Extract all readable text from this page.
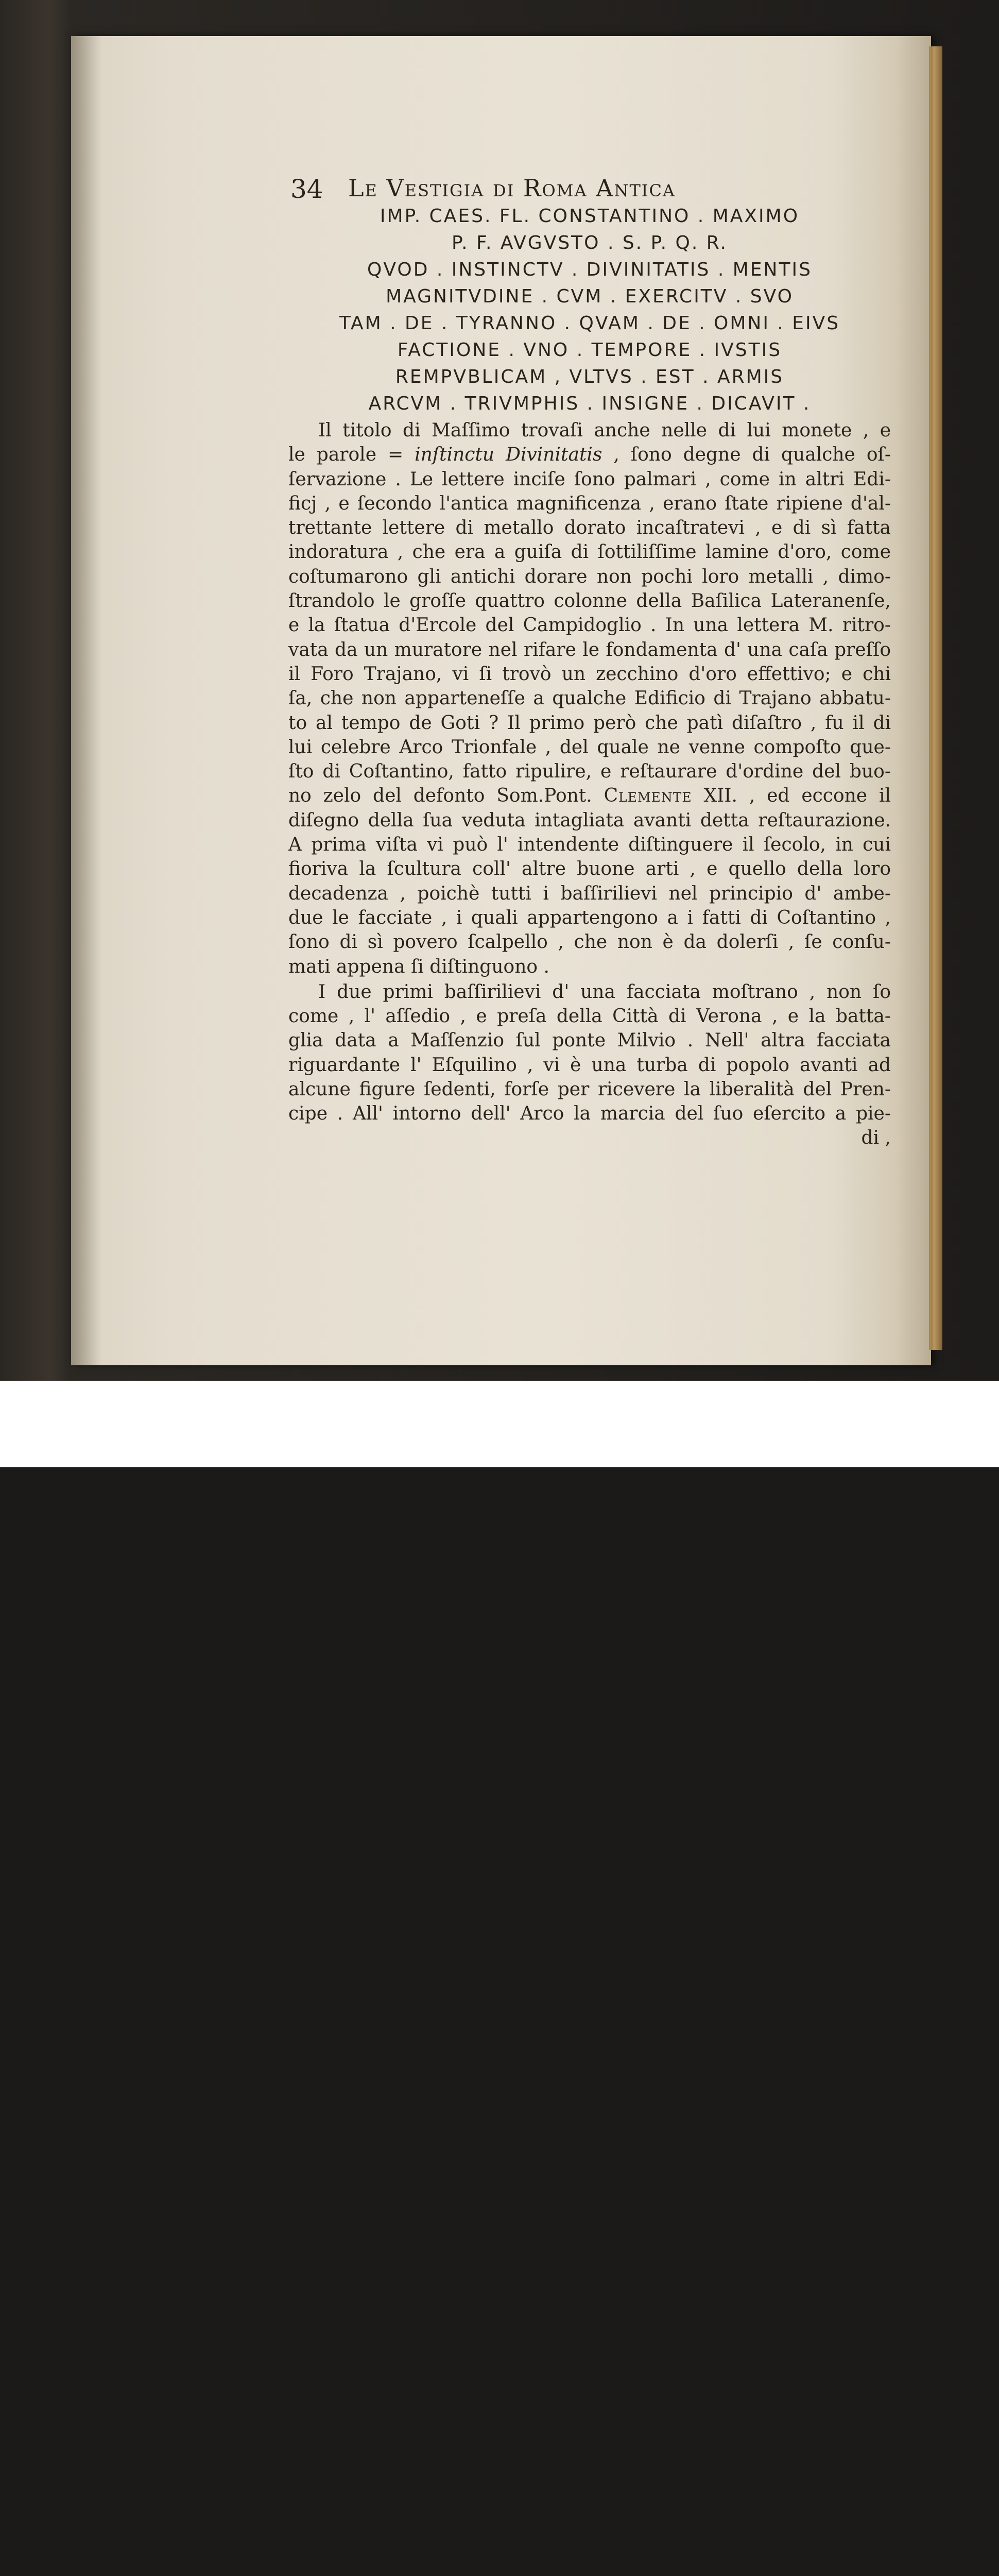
34 Le Vestigia di Roma Antica
IMP. CAES. FL. CONSTANTINO . MAXIMO
P. F. AVGVSTO . S. P. Q. R.
QVOD . INSTINCTV . DIVINITATIS . MENTIS
MAGNITVDINE . CVM . EXERCITV . SVO
TAM . DE . TYRANNO . QVAM . DE . OMNI . EIVS
FACTIONE . VNO . TEMPORE . IVSTIS
REMPVBLICAM , VLTVS . EST . ARMIS
ARCVM . TRIVMPHIS . INSIGNE . DICAVIT .
Il titolo di Maſſimo trovaſi anche nelle di lui monete , e
le parole = inſtinctu Divinitatis , ſono degne di qualche oſ-
ſervazione . Le lettere inciſe ſono palmari , come in altri Edi-
ficj , e ſecondo l'antica magnificenza , erano ſtate ripiene d'al-
trettante lettere di metallo dorato incaſtratevi , e di sì fatta
indoratura , che era a guiſa di ſottiliſſime lamine d'oro, come
coſtumarono gli antichi dorare non pochi loro metalli , dimo-
ſtrandolo le groſſe quattro colonne della Baſilica Lateranenſe,
e la ſtatua d'Ercole del Campidoglio . In una lettera M. ritro-
vata da un muratore nel rifare le fondamenta d' una caſa preſſo
il Foro Trajano, vi ſi trovò un zecchino d'oro effettivo; e chi
ſa, che non apparteneſſe a qualche Edificio di Trajano abbatu-
to al tempo de Goti ? Il primo però che patì diſaſtro , fu il di
lui celebre Arco Trionfale , del quale ne venne compoſto que-
ſto di Coſtantino, fatto ripulire, e reſtaurare d'ordine del buo-
no zelo del defonto Som.Pont. Clemente XII. , ed eccone il
diſegno della ſua veduta intagliata avanti detta reſtaurazione.
A prima viſta vi può l' intendente diſtinguere il ſecolo, in cui
fioriva la ſcultura coll' altre buone arti , e quello della loro
decadenza , poichè tutti i baſſirilievi nel principio d' ambe-
due le facciate , i quali appartengono a i fatti di Coſtantino ,
ſono di sì povero ſcalpello , che non è da dolerſi , ſe conſu-
mati appena ſi diſtinguono .
I due primi baſſirilievi d' una facciata moſtrano , non ſo
come , l' aſſedio , e preſa della Città di Verona , e la batta-
glia data a Maſſenzio ſul ponte Milvio . Nell' altra facciata
riguardante l' Eſquilino , vi è una turba di popolo avanti ad
alcune figure ſedenti, forſe per ricevere la liberalità del Pren-
cipe . All' intorno dell' Arco la marcia del ſuo eſercito a pie-
di ,
